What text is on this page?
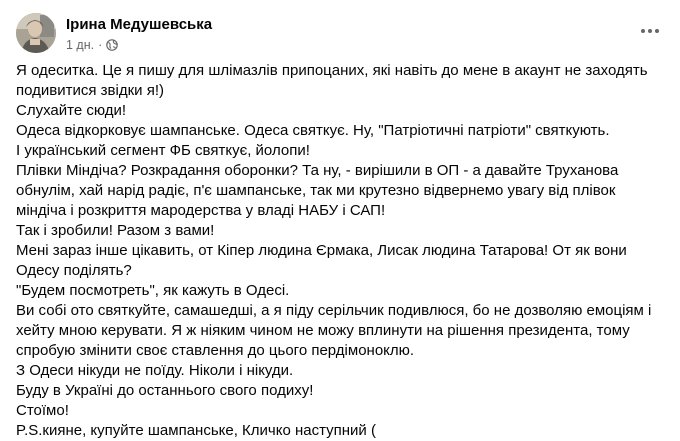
Ірина Медушевська
1 дн. ·

Я одеситка. Це я пишу для шлімазлів припоцаних, які навіть до мене в акаунт не заходять подивитися звідки я!)

Слухайте сюди!

Одеса відкорковує шампанське. Одеса святкує. Ну, "Патріотичні патріоти" святкують.

І український сегмент ФБ святкує, йолопи!

Плівки Міндіча? Розкрадання оборонки? Та ну, - вирішили в ОП - а давайте Труханова обнулім, хай нарід радіє, п'є шампанське, так ми крутезно відвернемо увагу від плівок міндіча і розкриття мародерства у владі НАБУ і САП!

Так і зробили! Разом з вами!

Мені зараз інше цікавить, от Кіпер людина Єрмака, Лисак людина Татарова! От як вони Одесу поділять?

"Будем посмотреть", як кажуть в Одесі.

Ви собі ото святкуйте, самашедші, а я піду серільчик подивлюся, бо не дозволяю емоціям і хейту мною керувати. Я ж ніяким чином не можу вплинути на рішення президента, тому спробую змінити своє ставлення до цього пердімоноклю.

З Одеси нікуди не поїду. Ніколи і нікуди.

Буду в Україні до останнього свого подиху!

Стоїмо!

P.S.кияне, купуйте шампанське, Кличко наступний (
